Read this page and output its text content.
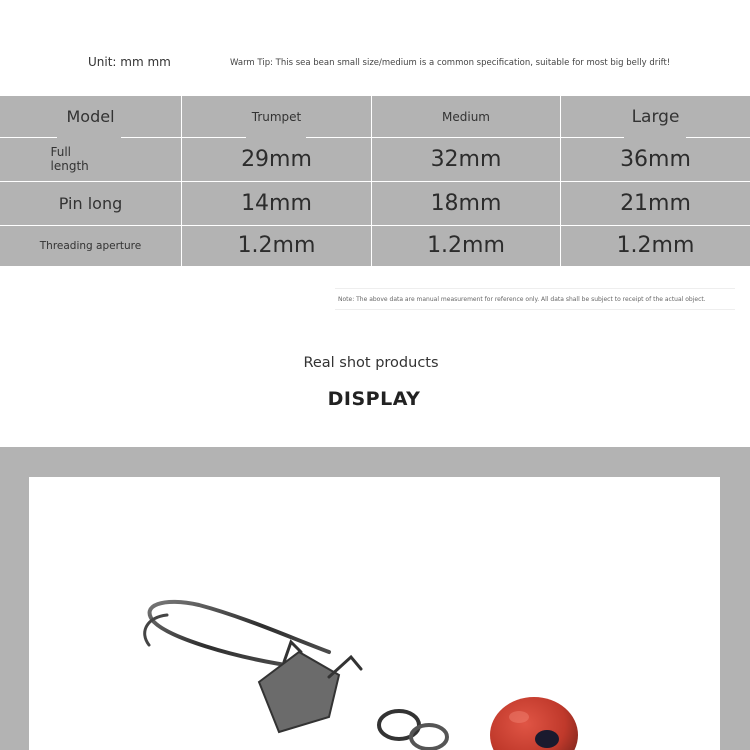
Unit: mm mm	Warm Tip: This sea bean small size/medium is a common specification, suitable for most big belly drift!
Model	Trumpet	Medium	Large
Full
length	29mm	32mm	36mm
Pin long	14mm	18mm	21mm
Threading aperture	1.2mm	1.2mm	1.2mm
Note: The above data are manual measurement for reference only. All data shall be subject to receipt of the actual object.
Real shot products
DISPLAY
